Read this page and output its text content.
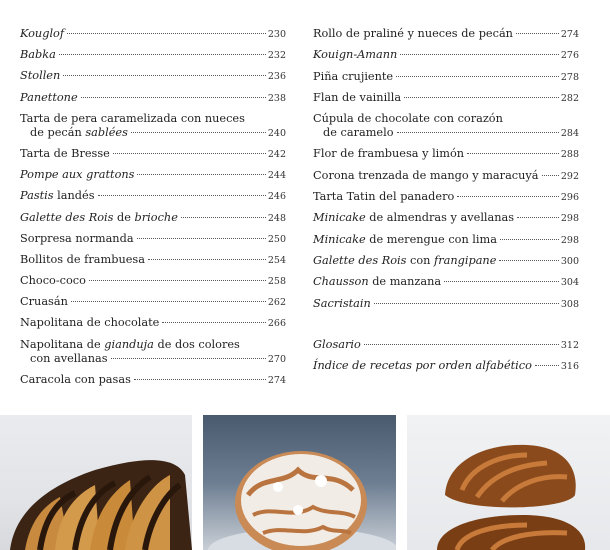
Kouglof	230
Babka	232
Stollen	236
Panettone	238
Tarta de pera caramelizada con nueces
de pecán sablées	240
Tarta de Bresse	242
Pompe aux grattons	244
Pastis landés	246
Galette des Rois de brioche	248
Sorpresa normanda	250
Bollitos de frambuesa	254
Choco-coco	258
Cruasán	262
Napolitana de chocolate	266
Napolitana de gianduja de dos colores
con avellanas	270
Caracola con pasas	274
Rollo de praliné y nueces de pecán	274
Kouign-Amann	276
Piña crujiente	278
Flan de vainilla	282
Cúpula de chocolate con corazón
de caramelo	284
Flor de frambuesa y limón	288
Corona trenzada de mango y maracuyá 292
Tarta Tatin del panadero	296
Minicake de almendras y avellanas	298
Minicake de merengue con lima	298
Galette des Rois con frangipane	300
Chausson de manzana	304
Sacristain	308
Glosario	312
Índice de recetas por orden alfabético	316
